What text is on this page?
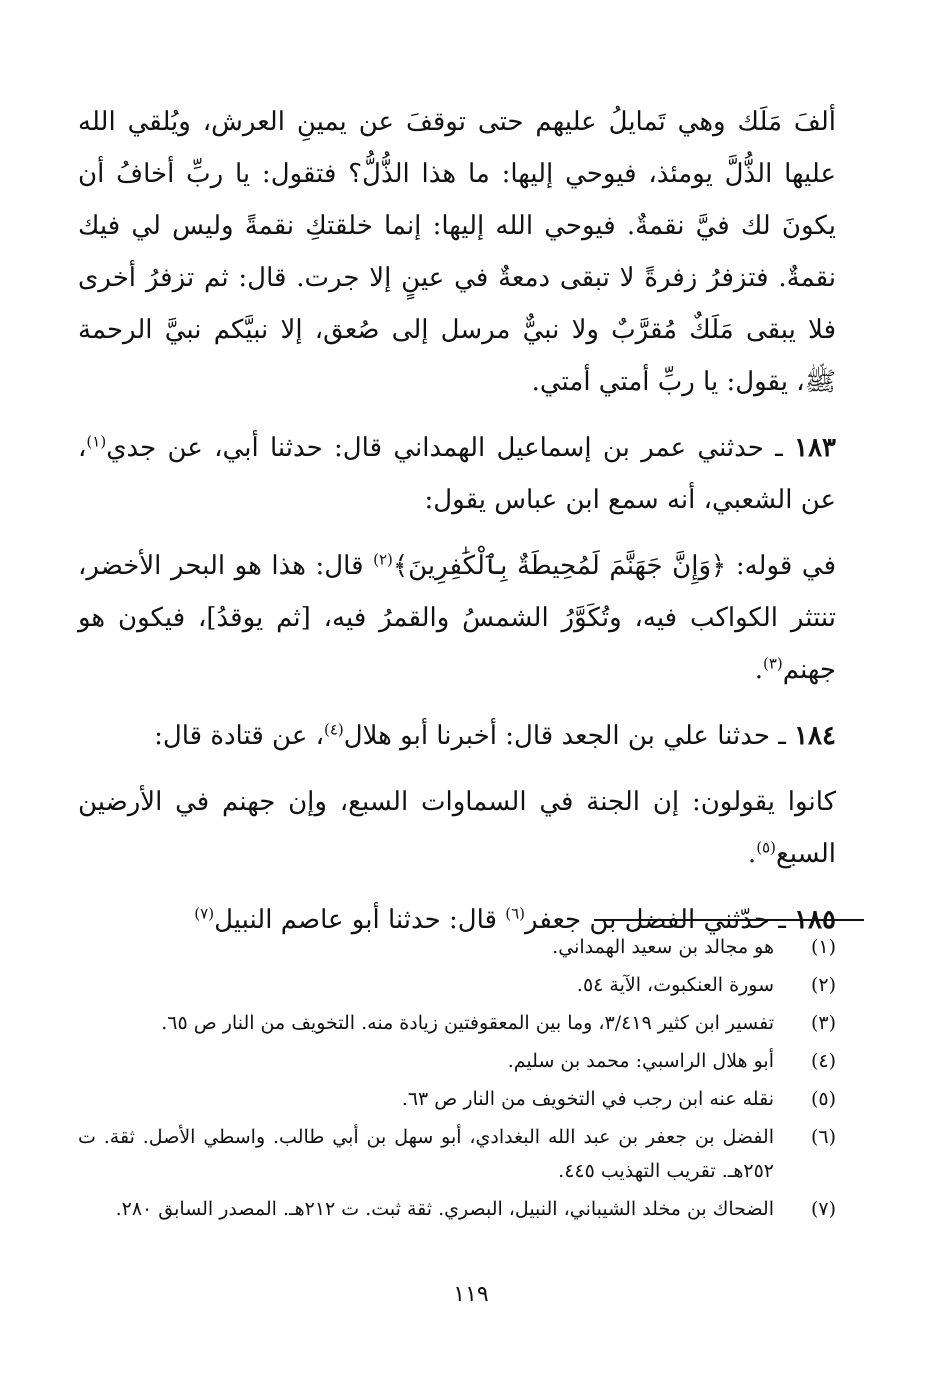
ألفَ مَلَك وهي تَمايلُ عليهم حتى توقفَ عن يمينِ العرش، ويُلقي الله عليها الذُّلَّ يومئذ، فيوحي إليها: ما هذا الذُّلُّ؟ فتقول: يا ربِّ أخافُ أن يكونَ لك فيَّ نقمةٌ. فيوحي الله إليها: إنما خلقتكِ نقمةً وليس لي فيك نقمةٌ. فتزفرُ زفرةً لا تبقى دمعةٌ في عينٍ إلا جرت. قال: ثم تزفرُ أخرى فلا يبقى مَلَكٌ مُقرَّبٌ ولا نبيٌّ مرسل إلى صُعق، إلا نبيَّكم نبيَّ الرحمة ﷺ، يقول: يا ربِّ أمتي أمتي.

١٨٣ ـ حدثني عمر بن إسماعيل الهمداني قال: حدثنا أبي، عن جدي$^{(١)}$، عن الشعبي، أنه سمع ابن عباس يقول:

في قوله: ﴿وَإِنَّ جَهَنَّمَ لَمُحِيطَةٌ بِٱلْكَٰفِرِينَ﴾$^{(٢)}$ قال: هذا هو البحر الأخضر، تنتثر الكواكب فيه، وتُكَوَّرُ الشمسُ والقمرُ فيه، [ثم يوقدُ]، فيكون هو جهنم$^{(٣)}$.

١٨٤ ـ حدثنا علي بن الجعد قال: أخبرنا أبو هلال$^{(٤)}$، عن قتادة قال:

كانوا يقولون: إن الجنة في السماوات السبع، وإن جهنم في الأرضين السبع$^{(٥)}$.

١٨٥ ـ حدّثني الفضل بن جعفر$^{(٦)}$ قال: حدثنا أبو عاصم النبيل$^{(٧)}$

(١)
هو مجالد بن سعيد الهمداني.
(٢)
سورة العنكبوت، الآية ٥٤.
(٣)
تفسير ابن كثير ٣/٤١٩، وما بين المعقوفتين زيادة منه. التخويف من النار ص ٦٥.
(٤)
أبو هلال الراسبي: محمد بن سليم.
(٥)
نقله عنه ابن رجب في التخويف من النار ص ٦٣.
(٦)
الفضل بن جعفر بن عبد الله البغدادي، أبو سهل بن أبي طالب. واسطي الأصل. ثقة. ت ٢٥٢هـ. تقريب التهذيب ٤٤٥.
(٧)
الضحاك بن مخلد الشيباني، النبيل، البصري. ثقة ثبت. ت ٢١٢هـ. المصدر السابق ٢٨٠.
١١٩
